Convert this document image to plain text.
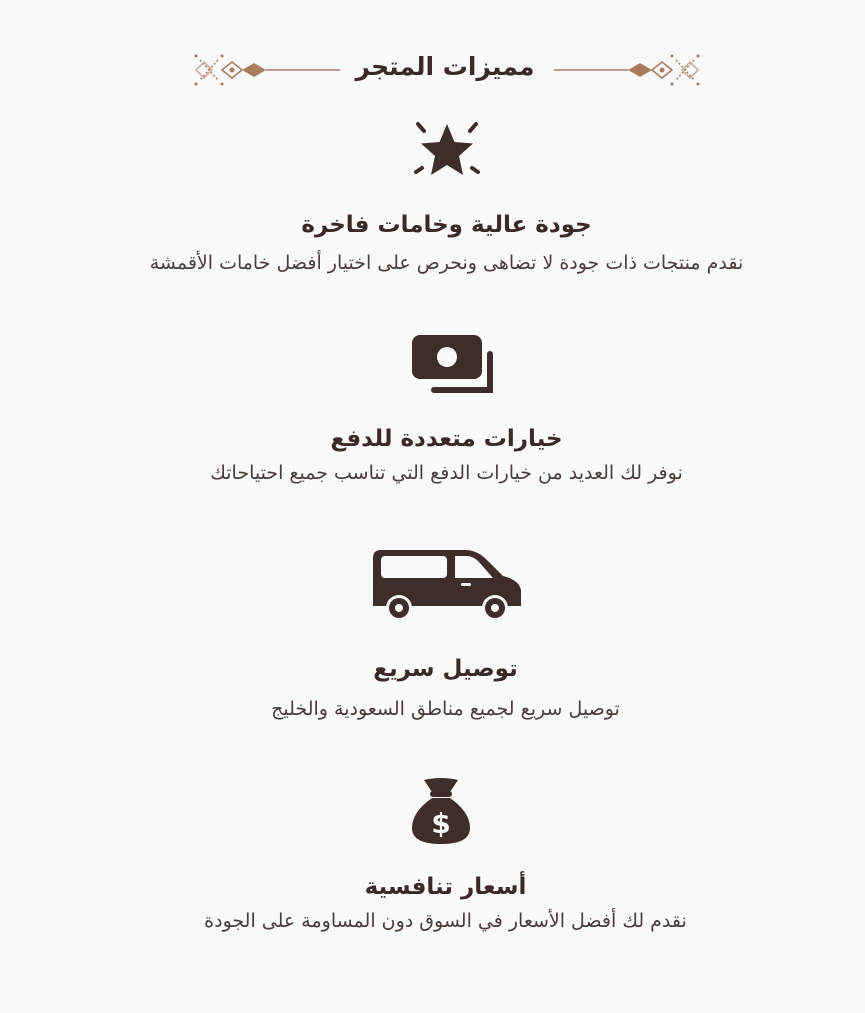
مميزات المتجر
جودة عالية وخامات فاخرة
نقدم منتجات ذات جودة لا تضاهى ونحرص على اختيار أفضل خامات الأقمشة
خيارات متعددة للدفع
نوفر لك العديد من خيارات الدفع التي تناسب جميع احتياحاتك
توصيل سريع
توصيل سريع لجميع مناطق السعودية والخليج
$
أسعار تنافسية
نقدم لك أفضل الأسعار في السوق دون المساومة على الجودة
